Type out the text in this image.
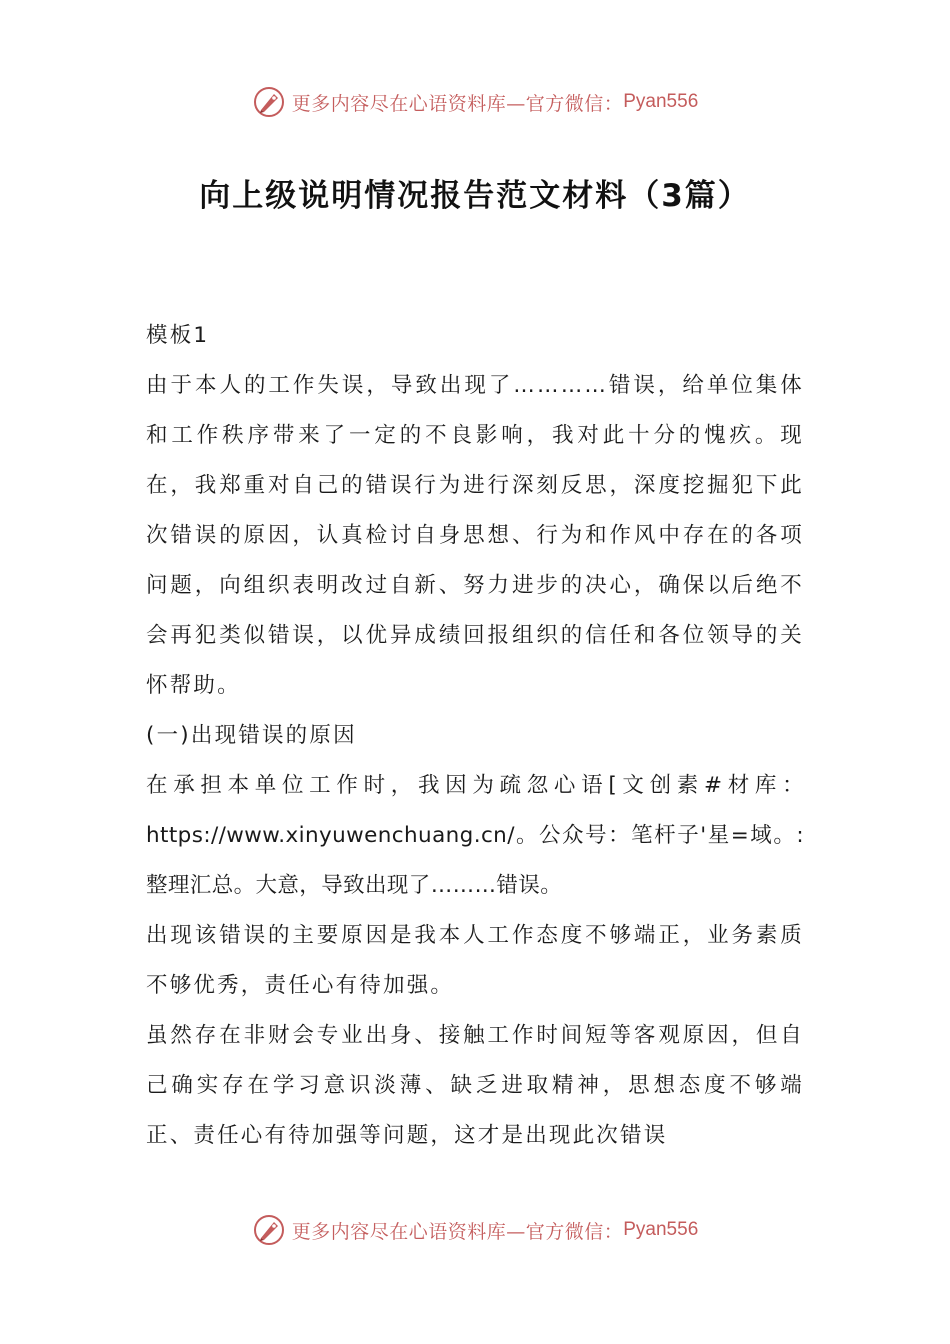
更多内容尽在心语资料库—官方微信： Pyan556
向上级说明情况报告范文材料（3篇）

模板1

由于本人的工作失误，导致出现了…………错误，给单位集体和工作秩序带来了一定的不良影响，我对此十分的愧疚。现在，我郑重对自己的错误行为进行深刻反思，深度挖掘犯下此次错误的原因，认真检讨自身思想、行为和作风中存在的各项问题，向组织表明改过自新、努力进步的决心，确保以后绝不会再犯类似错误，以优异成绩回报组织的信任和各位领导的关怀帮助。

(一)出现错误的原因

在承担本单位工作时，我因为疏忽心语[文创素#材库：https://www.xinyuwenchuang.cn/。公众号：笔杆子'星=域。:整理汇总。大意，导致出现了………错误。

出现该错误的主要原因是我本人工作态度不够端正，业务素质不够优秀，责任心有待加强。

虽然存在非财会专业出身、接触工作时间短等客观原因，但自己确实存在学习意识淡薄、缺乏进取精神，思想态度不够端正、责任心有待加强等问题，这才是出现此次错误

更多内容尽在心语资料库—官方微信： Pyan556
